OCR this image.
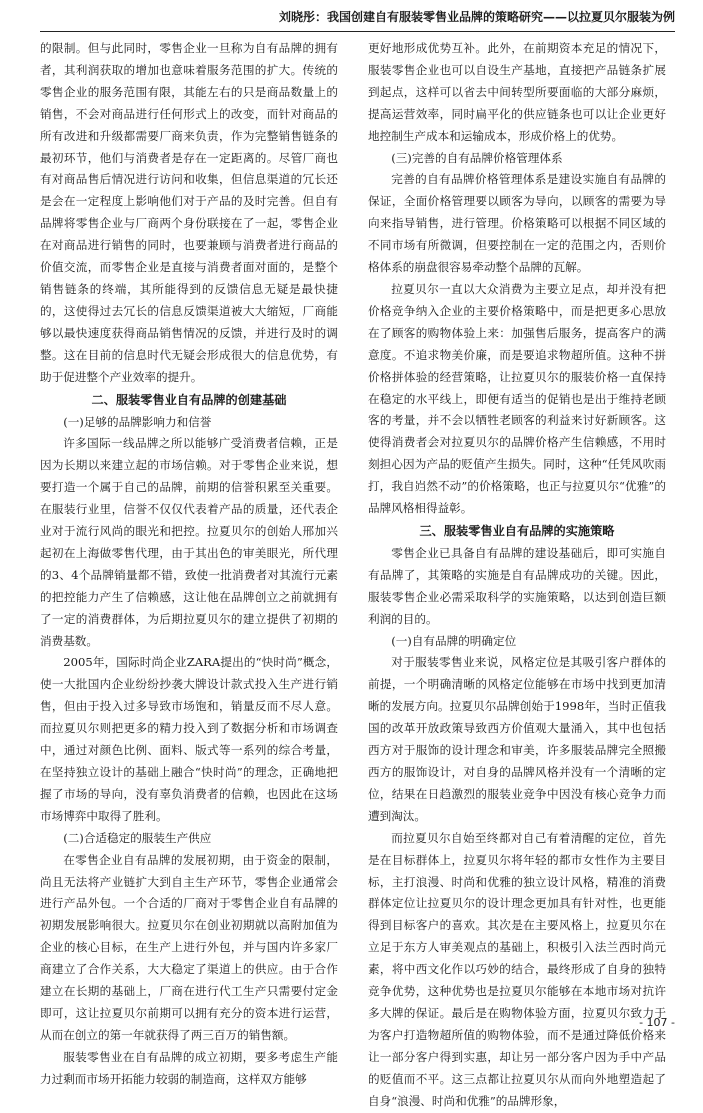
刘晓彤：我国创建自有服装零售业品牌的策略研究——以拉夏贝尔服装为例

的限制。但与此同时，零售企业一旦称为自有品牌的拥有者，其利润获取的增加也意味着服务范围的扩大。传统的零售企业的服务范围有限，其能左右的只是商品数量上的销售，不会对商品进行任何形式上的改变，而针对商品的所有改进和升级都需要厂商来负责，作为完整销售链条的最初环节，他们与消费者是存在一定距离的。尽管厂商也有对商品售后情况进行访问和收集，但信息渠道的冗长还是会在一定程度上影响他们对于产品的及时完善。但自有品牌将零售企业与厂商两个身份联接在了一起，零售企业在对商品进行销售的同时，也要兼顾与消费者进行商品的价值交流，而零售企业是直接与消费者面对面的，是整个销售链条的终端，其所能得到的反馈信息无疑是最快捷的，这使得过去冗长的信息反馈渠道被大大缩短，厂商能够以最快速度获得商品销售情况的反馈，并进行及时的调整。这在目前的信息时代无疑会形成很大的信息优势，有助于促进整个产业效率的提升。

二、服装零售业自有品牌的创建基础
(一)足够的品牌影响力和信誉

许多国际一线品牌之所以能够广受消费者信赖，正是因为长期以来建立起的市场信赖。对于零售企业来说，想要打造一个属于自己的品牌，前期的信誉积累至关重要。在服装行业里，信誉不仅仅代表着产品的质量，还代表企业对于流行风尚的眼光和把控。拉夏贝尔的创始人邢加兴起初在上海做零售代理，由于其出色的审美眼光，所代理的3、4个品牌销量都不错，致使一批消费者对其流行元素的把控能力产生了信赖感，这让他在品牌创立之前就拥有了一定的消费群体，为后期拉夏贝尔的建立提供了初期的消费基数。

2005年，国际时尚企业ZARA提出的“快时尚”概念，使一大批国内企业纷纷抄袭大牌设计款式投入生产进行销售，但由于投入过多导致市场饱和，销量反而不尽人意。而拉夏贝尔则把更多的精力投入到了数据分析和市场调查中，通过对颜色比例、面料、版式等一系列的综合考量，在坚持独立设计的基础上融合“快时尚”的理念，正确地把握了市场的导向，没有辜负消费者的信赖，也因此在这场市场博弈中取得了胜利。

(二)合适稳定的服装生产供应

在零售企业自有品牌的发展初期，由于资金的限制，尚且无法将产业链扩大到自主生产环节，零售企业通常会进行产品外包。一个合适的厂商对于零售企业自有品牌的初期发展影响很大。拉夏贝尔在创业初期就以高附加值为企业的核心目标，在生产上进行外包，并与国内许多家厂商建立了合作关系，大大稳定了渠道上的供应。由于合作建立在长期的基础上，厂商在进行代工生产只需要付定金即可，这让拉夏贝尔前期可以拥有充分的资本进行运营，从而在创立的第一年就获得了两三百万的销售额。

服装零售业在自有品牌的成立初期，要多考虑生产能力过剩而市场开拓能力较弱的制造商，这样双方能够

更好地形成优势互补。此外，在前期资本充足的情况下，服装零售企业也可以自设生产基地，直接把产品链条扩展到起点，这样可以省去中间转型所要面临的大部分麻烦，提高运营效率，同时扁平化的供应链条也可以让企业更好地控制生产成本和运输成本，形成价格上的优势。

(三)完善的自有品牌价格管理体系

完善的自有品牌价格管理体系是建设实施自有品牌的保证，全面价格管理要以顾客为导向，以顾客的需要为导向来指导销售，进行管理。价格策略可以根据不同区域的不同市场有所微调，但要控制在一定的范围之内，否则价格体系的崩盘很容易牵动整个品牌的瓦解。

拉夏贝尔一直以大众消费为主要立足点，却并没有把价格竞争纳入企业的主要价格策略中，而是把更多心思放在了顾客的购物体验上来：加强售后服务，提高客户的满意度。不追求物美价廉，而是要追求物超所值。这种不拼价格拼体验的经营策略，让拉夏贝尔的服装价格一直保持在稳定的水平线上，即便有适当的促销也是出于维持老顾客的考量，并不会以牺牲老顾客的利益来讨好新顾客。这使得消费者会对拉夏贝尔的品牌价格产生信赖感，不用时刻担心因为产品的贬值产生损失。同时，这种“任凭风吹雨打，我自岿然不动”的价格策略，也正与拉夏贝尔“优雅”的品牌风格相得益彰。

三、服装零售业自有品牌的实施策略

零售企业已具备自有品牌的建设基础后，即可实施自有品牌了，其策略的实施是自有品牌成功的关键。因此，服装零售企业必需采取科学的实施策略，以达到创造巨额利润的目的。

(一)自有品牌的明确定位

对于服装零售业来说，风格定位是其吸引客户群体的前提，一个明确清晰的风格定位能够在市场中找到更加清晰的发展方向。拉夏贝尔品牌创始于1998年，当时正值我国的改革开放政策导致西方价值观大量涌入，其中也包括西方对于服饰的设计理念和审美，许多服装品牌完全照搬西方的服饰设计，对自身的品牌风格并没有一个清晰的定位，结果在日趋激烈的服装业竞争中因没有核心竞争力而遭到淘汰。

而拉夏贝尔自始至终都对自己有着清醒的定位，首先是在目标群体上，拉夏贝尔将年轻的都市女性作为主要目标，主打浪漫、时尚和优雅的独立设计风格，精准的消费群体定位让拉夏贝尔的设计理念更加具有针对性，也更能得到目标客户的喜欢。其次是在主要风格上，拉夏贝尔在立足于东方人审美观点的基础上，积极引入法兰西时尚元素，将中西文化作以巧妙的结合，最终形成了自身的独特竞争优势，这种优势也是拉夏贝尔能够在本地市场对抗许多大牌的保证。最后是在购物体验方面，拉夏贝尔致力于为客户打造物超所值的购物体验，而不是通过降低价格来让一部分客户得到实惠，却让另一部分客户因为手中产品的贬值而不平。这三点都让拉夏贝尔从而向外地塑造起了自身“浪漫、时尚和优雅”的品牌形象，

- 107 -
